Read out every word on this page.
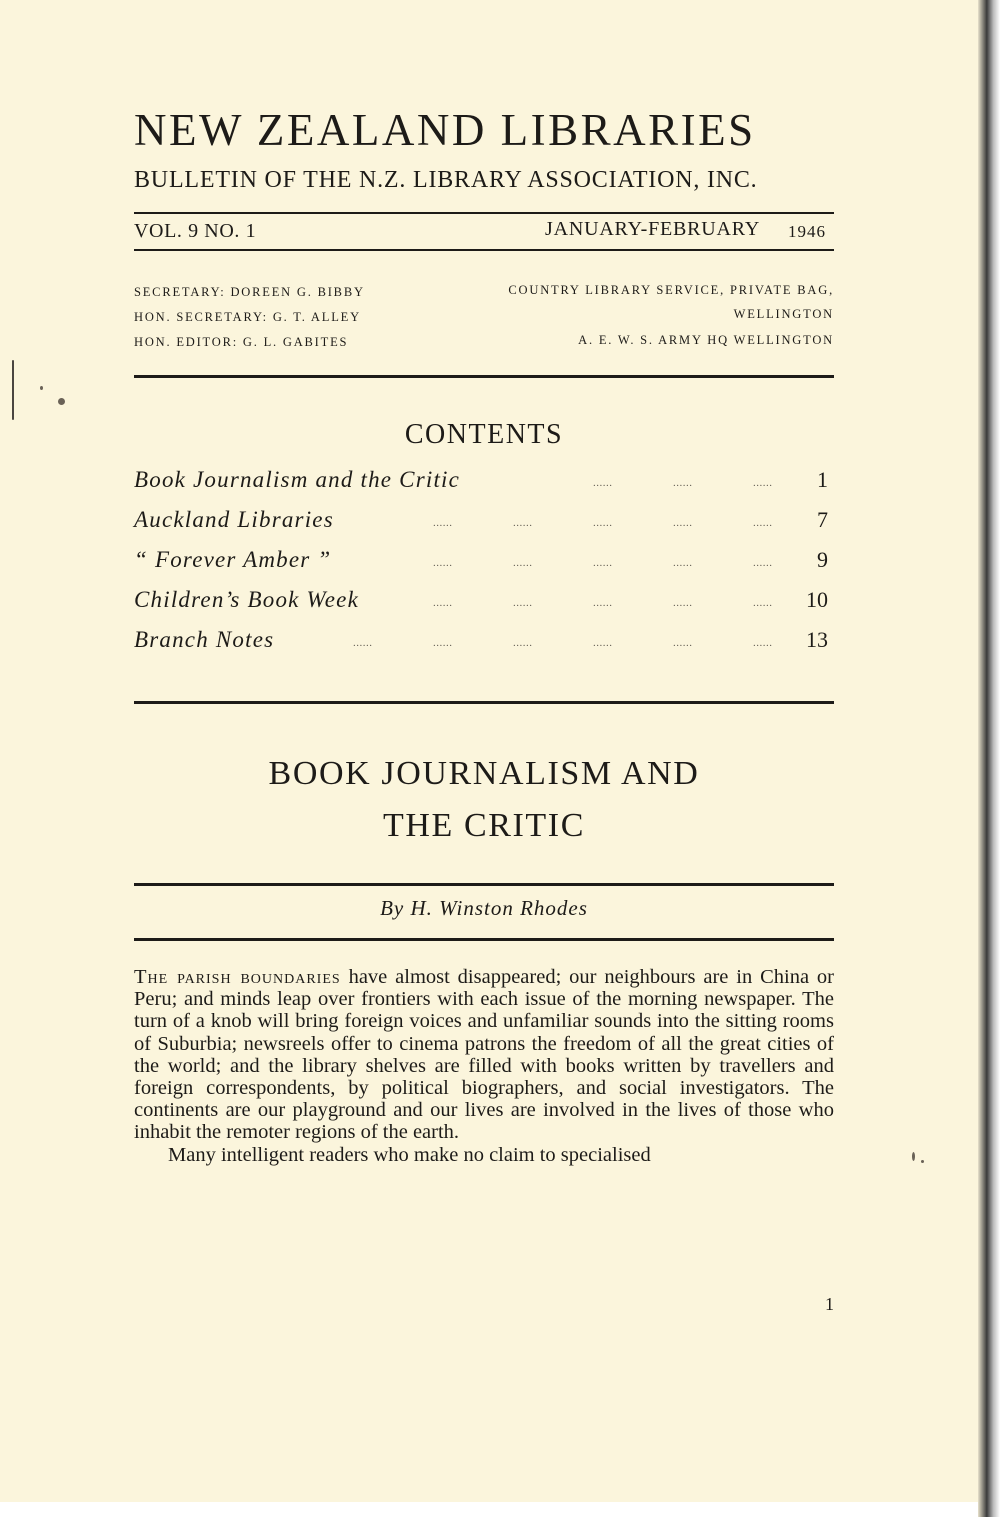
NEW ZEALAND LIBRARIES
BULLETIN OF THE N.Z. LIBRARY ASSOCIATION, INC.
VOL. 9 NO. 1	JANUARY-FEBRUARY 1946
SECRETARY: DOREEN G. BIBBY
HON. SECRETARY: G. T. ALLEY
HON. EDITOR: G. L. GABITES
COUNTRY LIBRARY SERVICE, PRIVATE BAG,
WELLINGTON
A. E. W. S. ARMY HQ WELLINGTON
CONTENTS
Book Journalism and the Critic	......	......	...... 1
Auckland Libraries	......	......	......	......	...... 7
“ Forever Amber ”	......	......	......	......	...... 9
Children’s Book Week	......	......	......	......	...... 10
Branch Notes	......	......	......	......	......	...... 13
BOOK JOURNALISM AND
THE CRITIC
By H. Winston Rhodes

The parish boundaries have almost disappeared; our neighbours are in China or Peru; and minds leap over frontiers with each issue of the morning newspaper. The turn of a knob will bring foreign voices and unfamiliar sounds into the sitting rooms of Suburbia; newsreels offer to cinema patrons the freedom of all the great cities of the world; and the library shelves are filled with books written by travellers and foreign correspondents, by political biographers, and social investigators. The continents are our playground and our lives are involved in the lives of those who inhabit the remoter regions of the earth.

Many intelligent readers who make no claim to specialised

1
